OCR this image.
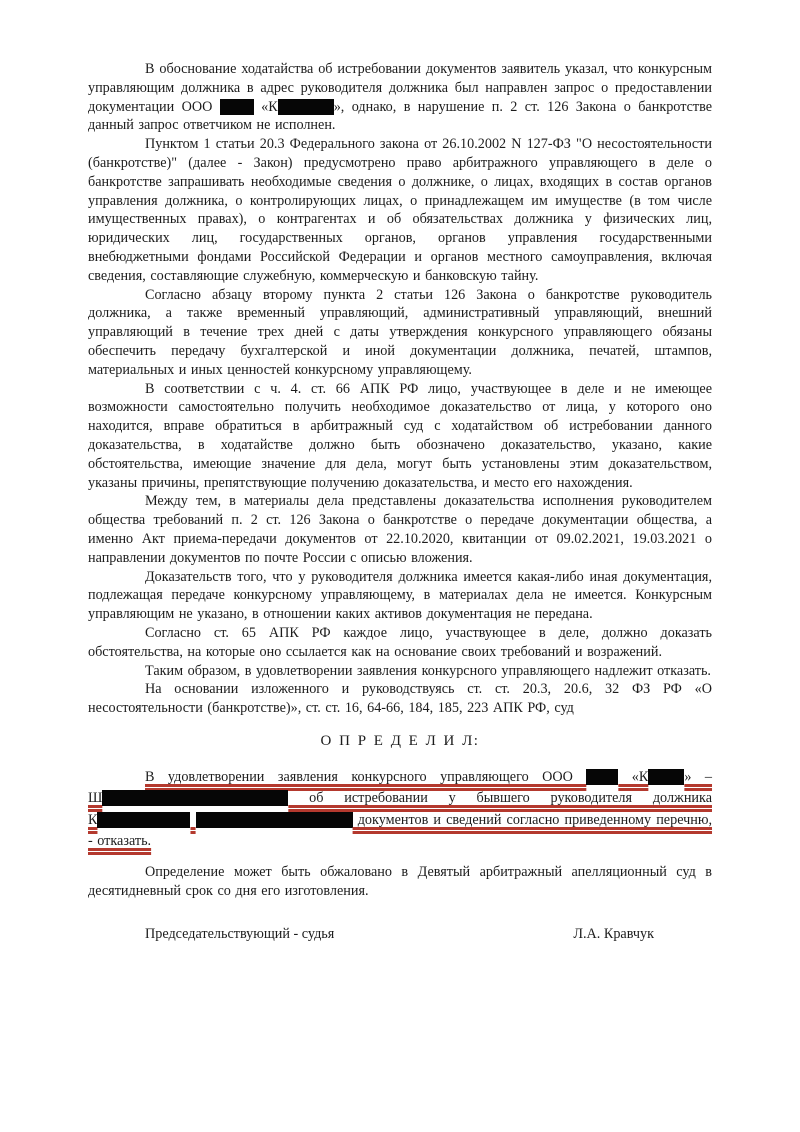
В обоснование ходатайства об истребовании документов заявитель указал, что конкурсным управляющим должника в адрес руководителя должника был направлен запрос о предоставлении документации ООО «К	», однако, в нарушение п. 2 ст. 126 Закона о банкротстве данный запрос ответчиком не исполнен.

Пунктом 1 статьи 20.3 Федерального закона от 26.10.2002 N 127-ФЗ "О несостоятельности (банкротстве)" (далее - Закон) предусмотрено право арбитражного управляющего в деле о банкротстве запрашивать необходимые сведения о должнике, о лицах, входящих в состав органов управления должника, о контролирующих лицах, о принадлежащем им имуществе (в том числе имущественных правах), о контрагентах и об обязательствах должника у физических лиц, юридических лиц, государственных органов, органов управления государственными внебюджетными фондами Российской Федерации и органов местного самоуправления, включая сведения, составляющие служебную, коммерческую и банковскую тайну.

Согласно абзацу второму пункта 2 статьи 126 Закона о банкротстве руководитель должника, а также временный управляющий, административный управляющий, внешний управляющий в течение трех дней с даты утверждения конкурсного управляющего обязаны обеспечить передачу бухгалтерской и иной документации должника, печатей, штампов, материальных и иных ценностей конкурсному управляющему.

В соответствии с ч. 4. ст. 66 АПК РФ лицо, участвующее в деле и не имеющее возможности самостоятельно получить необходимое доказательство от лица, у которого оно находится, вправе обратиться в арбитражный суд с ходатайством об истребовании данного доказательства, в ходатайстве должно быть обозначено доказательство, указано, какие обстоятельства, имеющие значение для дела, могут быть установлены этим доказательством, указаны причины, препятствующие получению доказательства, и место его нахождения.

Между тем, в материалы дела представлены доказательства исполнения руководителем общества требований п. 2 ст. 126 Закона о банкротстве о передаче документации общества, а именно Акт приема-передачи документов от 22.10.2020, квитанции от 09.02.2021, 19.03.2021 о направлении документов по почте России с описью вложения.

Доказательств того, что у руководителя должника имеется какая-либо иная документация, подлежащая передаче конкурсному управляющему, в материалах дела не имеется. Конкурсным управляющим не указано, в отношении каких активов документация не передана.

Согласно ст. 65 АПК РФ каждое лицо, участвующее в деле, должно доказать обстоятельства, на которые оно ссылается как на основание своих требований и возражений.

Таким образом, в удовлетворении заявления конкурсного управляющего надлежит отказать.

На основании изложенного и руководствуясь ст. ст. 20.3, 20.6, 32 ФЗ РФ «О несостоятельности (банкротстве)», ст. ст. 16, 64-66, 184, 185, 223 АПК РФ, суд

О П Р Е Д Е Л И Л:

В удовлетворении заявления конкурсного управляющего ООО «К	» – Ш	об истребовании у бывшего руководителя должника К	документов и сведений согласно приведенному перечню, - отказать.

Определение может быть обжаловано в Девятый арбитражный апелляционный суд в десятидневный срок со дня его изготовления.

Председательствующий - судья	Л.А. Кравчук
